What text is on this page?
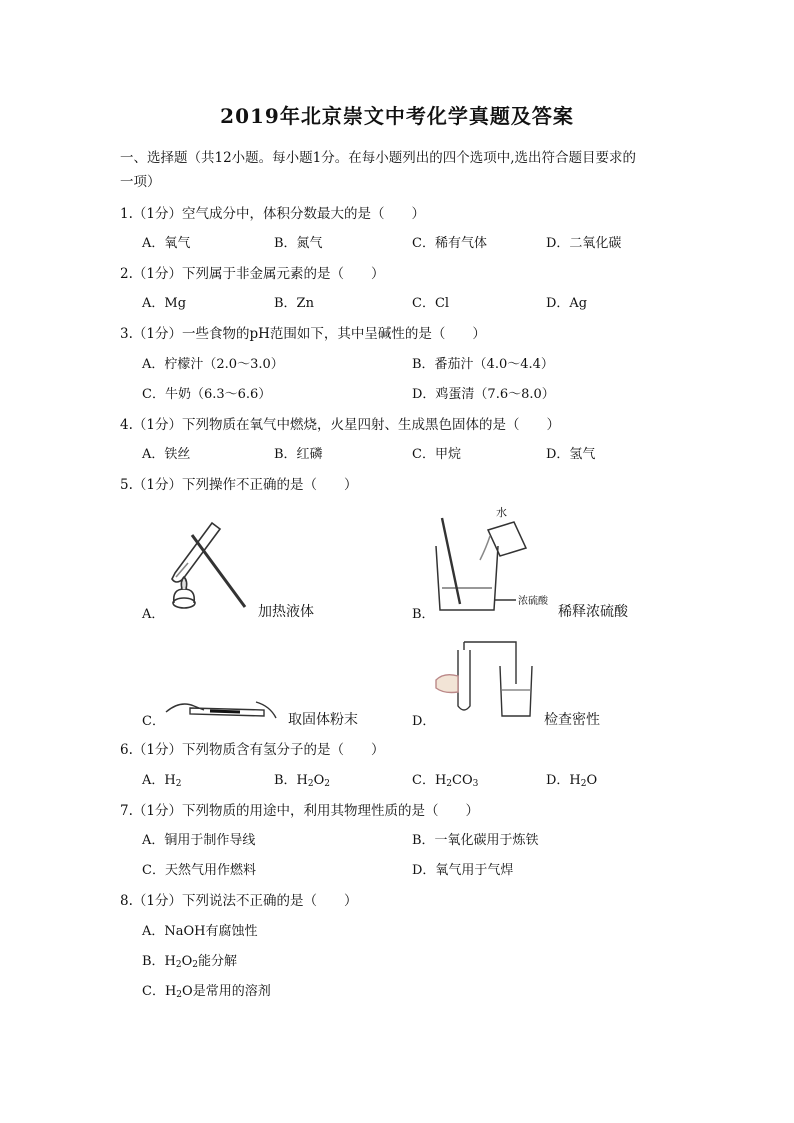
2019年北京崇文中考化学真题及答案
一、选择题（共12小题。每小题1分。在每小题列出的四个选项中,选出符合题目要求的
一项）
1.（1分）空气成分中，体积分数最大的是（　　）
A．氧气	B．氮气	C．稀有气体	D．二氧化碳
2.（1分）下列属于非金属元素的是（　　）
A．Mg	B．Zn	C．Cl	D．Ag
3.（1分）一些食物的pH范围如下，其中呈碱性的是（　　）
A．柠檬汁（2.0～3.0）	B．番茄汁（4.0～4.4）
C．牛奶（6.3～6.6）	D．鸡蛋清（7.6～8.0）
4.（1分）下列物质在氧气中燃烧，火星四射、生成黑色固体的是（　　）
A．铁丝	B．红磷	C．甲烷	D．氢气
5.（1分）下列操作不正确的是（　　）
加热液体
A．
水
浓硫酸
稀释浓硫酸
B．
取固体粉末
C．	检查密性
D．
6.（1分）下列物质含有氢分子的是（　　）
A．$H_2$	B．$H_2O_2$	C．$H_2CO_3$	D．$H_2O$
7.（1分）下列物质的用途中，利用其物理性质的是（　　）
A．铜用于制作导线	B．一氧化碳用于炼铁
C．天然气用作燃料	D．氧气用于气焊
8.（1分）下列说法不正确的是（　　）
A．NaOH有腐蚀性
B．$H_2O_2$能分解
C．$H_2O$是常用的溶剂
